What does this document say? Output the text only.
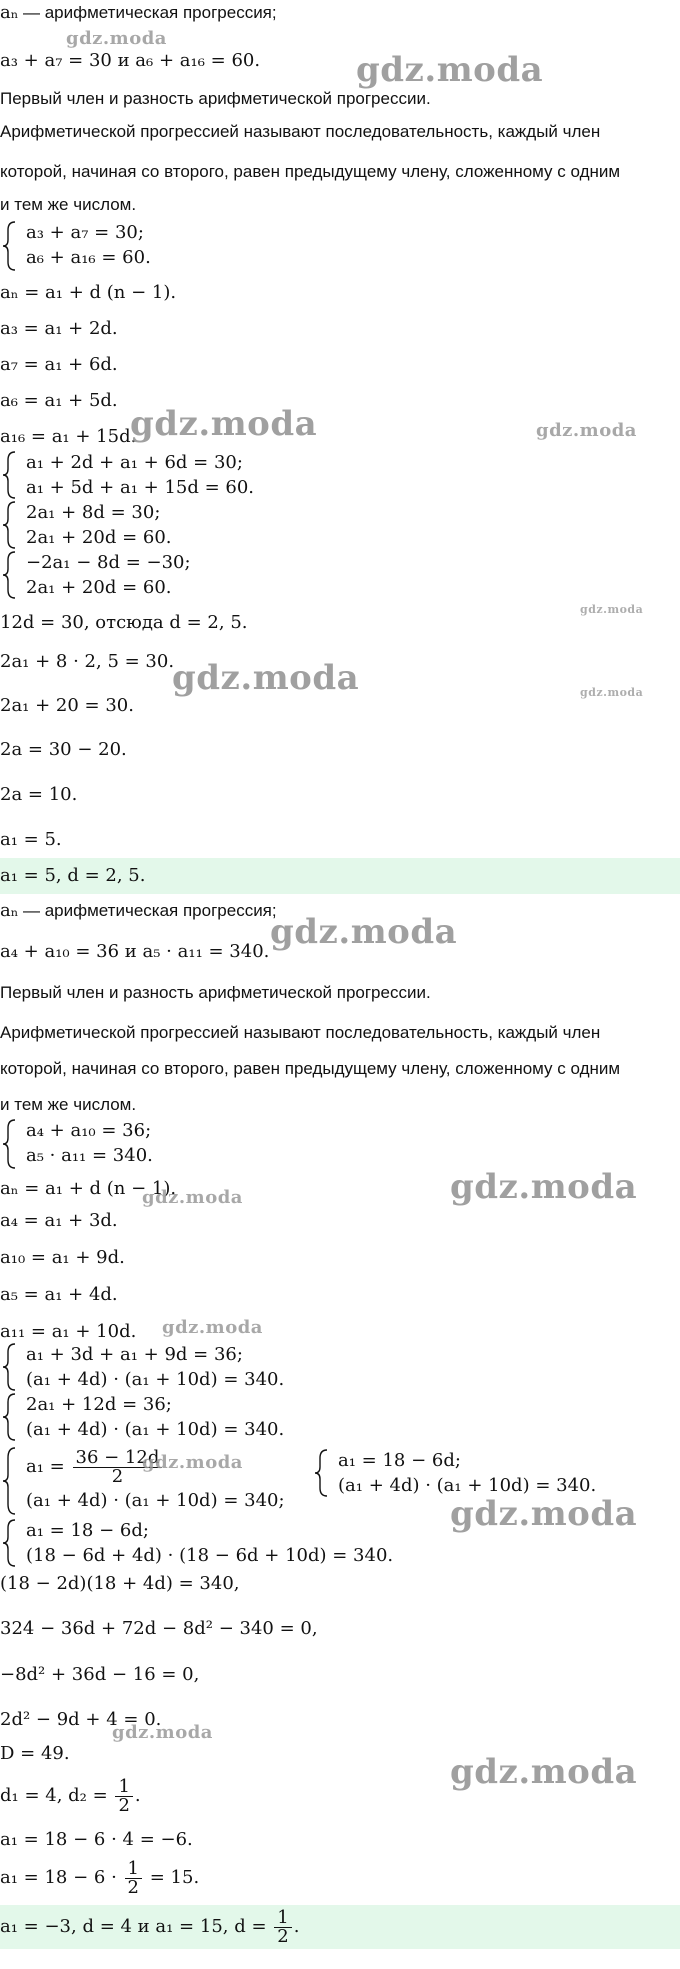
aₙ — арифметическая прогрессия;
a₃ + a₇ = 30 и a₆ + a₁₆ = 60.
Первый член и разность арифметической прогрессии.
Арифметической прогрессией называют последовательность, каждый член
которой, начиная со второго, равен предыдущему члену, сложенному с одним
и тем же числом.
a₃ + a₇ = 30;
a₆ + a₁₆ = 60.
aₙ = a₁ + d (n − 1).
a₃ = a₁ + 2d.
a₇ = a₁ + 6d.
a₆ = a₁ + 5d.
a₁₆ = a₁ + 15d.
a₁ + 2d + a₁ + 6d = 30;
a₁ + 5d + a₁ + 15d = 60.
2a₁ + 8d = 30;
2a₁ + 20d = 60.
−2a₁ − 8d = −30;
2a₁ + 20d = 60.
12d = 30, отсюда d = 2, 5.
2a₁ + 8 · 2, 5 = 30.
2a₁ + 20 = 30.
2a = 30 − 20.
2a = 10.
a₁ = 5.
a₁ = 5, d = 2, 5.
aₙ — арифметическая прогрессия;
a₄ + a₁₀ = 36 и a₅ · a₁₁ = 340.
Первый член и разность арифметической прогрессии.
Арифметической прогрессией называют последовательность, каждый член
которой, начиная со второго, равен предыдущему члену, сложенному с одним
и тем же числом.
a₄ + a₁₀ = 36;
a₅ · a₁₁ = 340.
aₙ = a₁ + d (n − 1).
a₄ = a₁ + 3d.
a₁₀ = a₁ + 9d.
a₅ = a₁ + 4d.
a₁₁ = a₁ + 10d.
a₁ + 3d + a₁ + 9d = 36;
(a₁ + 4d) · (a₁ + 10d) = 340.
2a₁ + 12d = 36;
(a₁ + 4d) · (a₁ + 10d) = 340.
$a_1 = \frac{36 - 12d}{2}$
(a₁ + 4d) · (a₁ + 10d) = 340;
a₁ = 18 − 6d;
(a₁ + 4d) · (a₁ + 10d) = 340.
a₁ = 18 − 6d;
(18 − 6d + 4d) · (18 − 6d + 10d) = 340.
(18 − 2d)(18 + 4d) = 340,
324 − 36d + 72d − 8d² − 340 = 0,
−8d² + 36d − 16 = 0,
2d² − 9d + 4 = 0.
D = 49.
d₁ = 4, $d_2 = \frac{1}{2}$ .
a₁ = 18 − 6 · 4 = −6.
$a_1 = 18 - 6 \cdot \frac{1}{2} = 15$.
a₁ = −3, d = 4 и a₁ = 15, $d = \frac{1}{2}$ .
gdz.moda
gdz.moda
gdz.moda	gdz.moda
gdz.moda
gdz.moda	gdz.moda
gdz.moda
gdz.moda
gdz.moda
gdz.moda
gdz.moda
gdz.moda
gdz.moda
gdz.moda
